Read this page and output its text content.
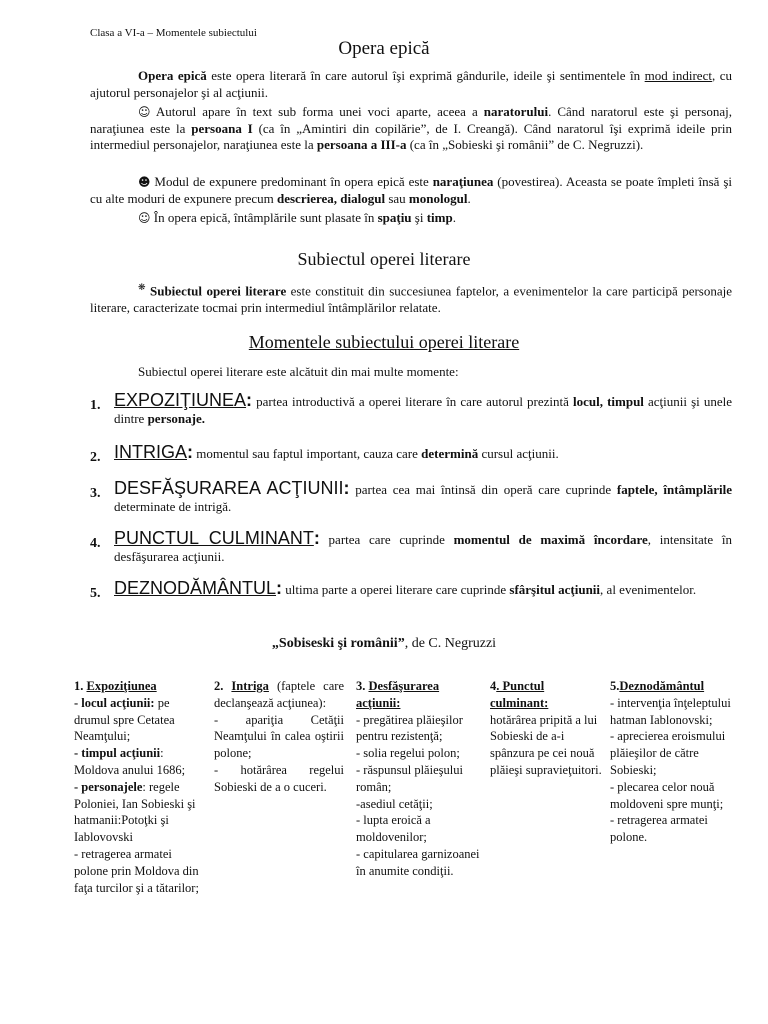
Clasa a VI-a – Momentele subiectului
Opera epică
Opera epică este opera literară în care autorul îşi exprimă gândurile, ideile şi sentimentele în mod indirect, cu ajutorul personajelor şi al acţiunii.
☺ Autorul apare în text sub forma unei voci aparte, aceea a naratorului. Când naratorul este şi personaj, naraţiunea este la persoana I (ca în „Amintiri din copilărie”, de I. Creangă). Când naratorul îşi exprimă ideile prin intermediul personajelor, naraţiunea este la persoana a III-a (ca în „Sobieski şi românii” de C. Negruzzi).
☻ Modul de expunere predominant în opera epică este naraţiunea (povestirea). Aceasta se poate împleti însă şi cu alte moduri de expunere precum descrierea, dialogul sau monologul.
☺ În opera epică, întâmplările sunt plasate în spaţiu şi timp.
Subiectul operei literare
❋ Subiectul operei literare este constituit din succesiunea faptelor, a evenimentelor la care participă personaje literare, caracterizate tocmai prin intermediul întâmplărilor relatate.
Momentele subiectului operei literare
Subiectul operei literare este alcătuit din mai multe momente:
1. EXPOZIŢIUNEA: partea introductivă a operei literare în care autorul prezintă locul, timpul acţiunii şi unele dintre personaje.
2. INTRIGA: momentul sau faptul important, cauza care determină cursul acţiunii.
3. DESFĂŞURAREA ACŢIUNII: partea cea mai întinsă din operă care cuprinde faptele, întâmplările determinate de intrigă.
4. PUNCTUL CULMINANT: partea care cuprinde momentul de maximă încordare, intensitate în desfăşurarea acţiunii.
5. DEZNODĂMÂNTUL: ultima parte a operei literare care cuprinde sfârşitul acţiunii, al evenimentelor.
„Sobiseski şi românii”, de C. Negruzzi
1. Expoziţiunea
- locul acţiunii: pe drumul spre Cetatea Neamţului;
- timpul acţiunii: Moldova anului 1686;
- personajele: regele Poloniei, Ian Sobieski şi hatmanii:Potoţki şi Iablovovski
- retragerea armatei polone prin Moldova din faţa turcilor şi a tătarilor;

2. Intriga (faptele care declanşează acţiunea):
- apariţia Cetăţii Neamţului în calea oştirii polone;
- hotărârea regelui Sobieski de a o cuceri.

3. Desfăşurarea acţiunii:
- pregătirea plăieşilor pentru rezistenţă;
- solia regelui polon;
- răspunsul plăieşului român;
-asediul cetăţii;
- lupta eroică a moldovenilor;
- capitularea garnizoanei în anumite condiţii.

4. Punctul culminant:
hotărârea pripită a lui Sobieski de a-i spânzura pe cei nouă plăieşi supravieţuitori.

5.Deznodământul
- intervenţia înţeleptului hatman Iablonovski;
- aprecierea eroismului plăieşilor de către Sobieski;
- plecarea celor nouă moldoveni spre munţi;
- retragerea armatei polone.
